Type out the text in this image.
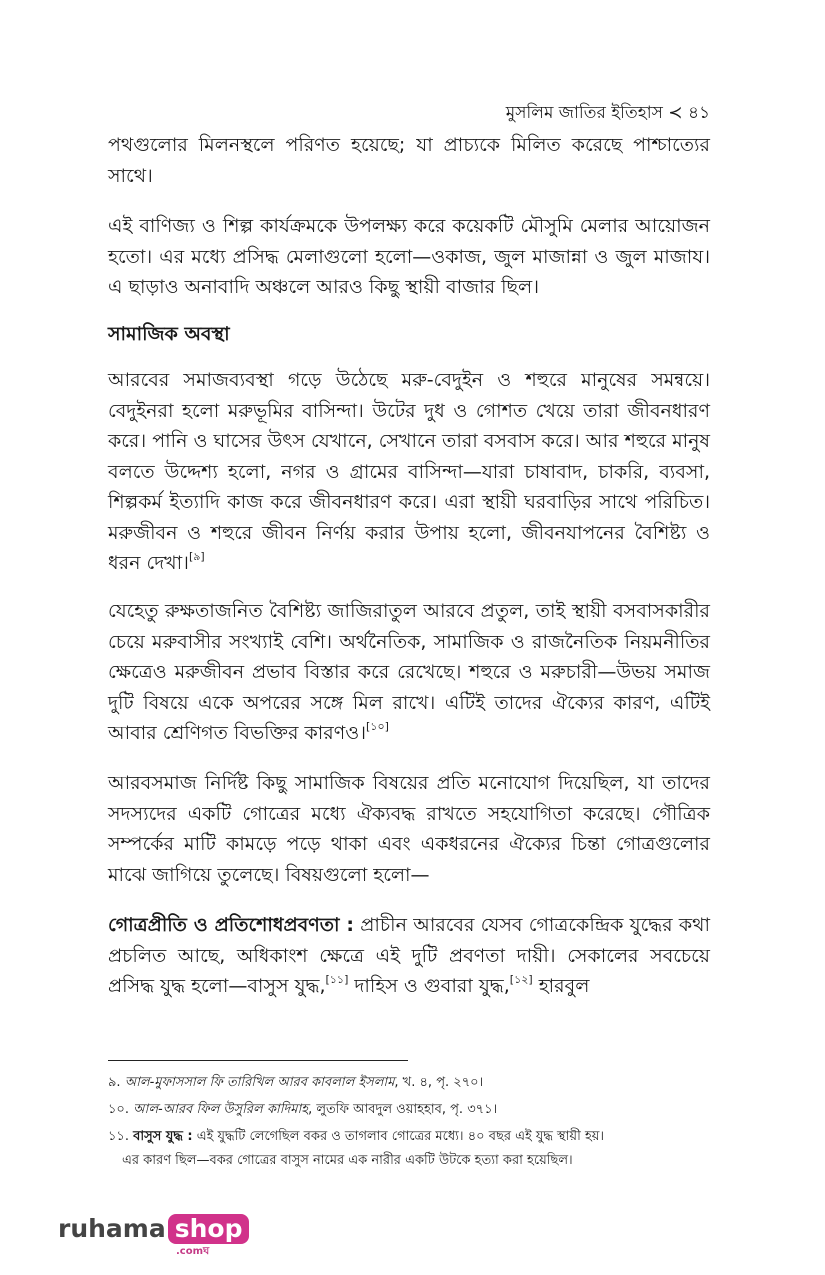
মুসলিম জাতির ইতিহাস ≺ ৪১

পথগুলোর মিলনস্থলে পরিণত হয়েছে; যা প্রাচ্যকে মিলিত করেছে পাশ্চাত্যের সাথে।

এই বাণিজ্য ও শিল্প কার্যক্রমকে উপলক্ষ্য করে কয়েকটি মৌসুমি মেলার আয়োজন হতো। এর মধ্যে প্রসিদ্ধ মেলাগুলো হলো—ওকাজ, জুল মাজান্না ও জুল মাজায। এ ছাড়াও অনাবাদি অঞ্চলে আরও কিছু স্থায়ী বাজার ছিল।

সামাজিক অবস্থা

আরবের সমাজব্যবস্থা গড়ে উঠেছে মরু-বেদুইন ও শহুরে মানুষের সমন্বয়ে। বেদুইনরা হলো মরুভূমির বাসিন্দা। উটের দুধ ও গোশত খেয়ে তারা জীবনধারণ করে। পানি ও ঘাসের উৎস যেখানে, সেখানে তারা বসবাস করে। আর শহুরে মানুষ বলতে উদ্দেশ্য হলো, নগর ও গ্রামের বাসিন্দা—যারা চাষাবাদ, চাকরি, ব্যবসা, শিল্পকর্ম ইত্যাদি কাজ করে জীবনধারণ করে। এরা স্থায়ী ঘরবাড়ির সাথে পরিচিত। মরুজীবন ও শহুরে জীবন নির্ণয় করার উপায় হলো, জীবনযাপনের বৈশিষ্ট্য ও ধরন দেখা।[৯]

যেহেতু রুক্ষতাজনিত বৈশিষ্ট্য জাজিরাতুল আরবে প্রতুল, তাই স্থায়ী বসবাসকারীর চেয়ে মরুবাসীর সংখ্যাই বেশি। অর্থনৈতিক, সামাজিক ও রাজনৈতিক নিয়মনীতির ক্ষেত্রেও মরুজীবন প্রভাব বিস্তার করে রেখেছে। শহুরে ও মরুচারী—উভয় সমাজ দুটি বিষয়ে একে অপরের সঙ্গে মিল রাখে। এটিই তাদের ঐক্যের কারণ, এটিই আবার শ্রেণিগত বিভক্তির কারণও।[১০]

আরবসমাজ নির্দিষ্ট কিছু সামাজিক বিষয়ের প্রতি মনোযোগ দিয়েছিল, যা তাদের সদস্যদের একটি গোত্রের মধ্যে ঐক্যবদ্ধ রাখতে সহযোগিতা করেছে। গৌত্রিক সম্পর্কের মাটি কামড়ে পড়ে থাকা এবং একধরনের ঐক্যের চিন্তা গোত্রগুলোর মাঝে জাগিয়ে তুলেছে। বিষয়গুলো হলো—

গোত্রপ্রীতি ও প্রতিশোধপ্রবণতা : প্রাচীন আরবের যেসব গোত্রকেন্দ্রিক যুদ্ধের কথা প্রচলিত আছে, অধিকাংশ ক্ষেত্রে এই দুটি প্রবণতা দায়ী। সেকালের সবচেয়ে প্রসিদ্ধ যুদ্ধ হলো—বাসুস যুদ্ধ,[১১] দাহিস ও গুবারা যুদ্ধ,[১২] হারবুল

৯. আল-মুফাসসাল ফি তারিখিল আরব কাবলাল ইসলাম, খ. ৪, পৃ. ২৭০।
১০. আল-আরব ফিল উসুরিল কাদিমাহ, লুতফি আবদুল ওয়াহহাব, পৃ. ৩৭১।
১১. বাসুস যুদ্ধ : এই যুদ্ধটি লেগেছিল বকর ও তাগলাব গোত্রের মধ্যে। ৪০ বছর এই যুদ্ধ স্থায়ী হয়।
এর কারণ ছিল—বকর গোত্রের বাসুস নামের এক নারীর একটি উটকে হত্যা করা হয়েছিল।
ruhama shop
.comঘ
